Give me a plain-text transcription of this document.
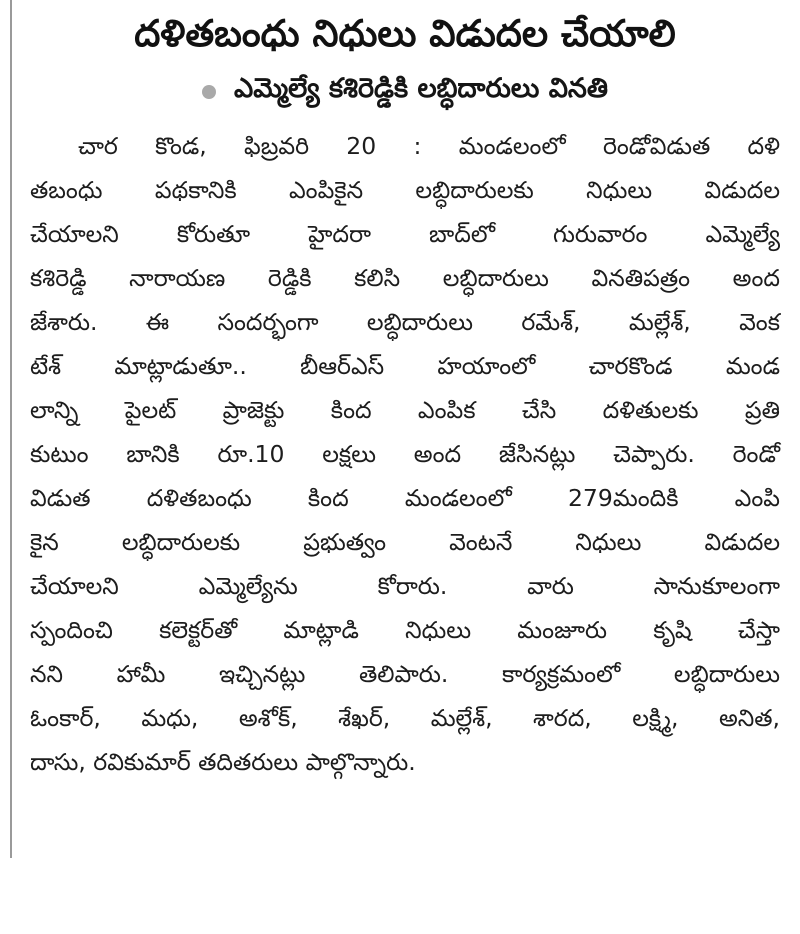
దళితబంధు నిధులు విడుదల చేయాలి
ఎమ్మెల్యే కశిరెడ్డికి లబ్ధిదారులు వినతి
చార కొండ, ఫిబ్రవరి 20 : మండలంలో రెండోవిడుత దళి
తబంధు పథకానికి ఎంపికైన లబ్ధిదారులకు నిధులు విడుదల
చేయాలని కోరుతూ హైదరా బాద్‌లో గురువారం ఎమ్మెల్యే
కశిరెడ్డి నారాయణ రెడ్డికి కలిసి లబ్ధిదారులు వినతిపత్రం అంద
జేశారు. ఈ సందర్భంగా లబ్ధిదారులు రమేశ్, మల్లేశ్, వెంక
టేశ్ మాట్లాడుతూ.. బీఆర్ఎస్ హయాంలో చారకొండ మండ
లాన్ని పైలట్ ప్రాజెక్టు కింద ఎంపిక చేసి దళితులకు ప్రతి
కుటుం బానికి రూ.10 లక్షలు అంద జేసినట్లు చెప్పారు. రెండో
విడుత దళితబంధు కింద మండలంలో 279మందికి ఎంపి
కైన లబ్ధిదారులకు ప్రభుత్వం వెంటనే నిధులు విడుదల
చేయాలని ఎమ్మెల్యేను కోరారు. వారు సానుకూలంగా
స్పందించి కలెక్టర్‌తో మాట్లాడి నిధులు మంజూరు కృషి చేస్తా
నని హామీ ఇచ్చినట్లు తెలిపారు. కార్యక్రమంలో లబ్ధిదారులు
ఓంకార్, మధు, అశోక్, శేఖర్, మల్లేశ్, శారద, లక్ష్మి, అనిత,
దాసు, రవికుమార్ తదితరులు పాల్గొన్నారు.
